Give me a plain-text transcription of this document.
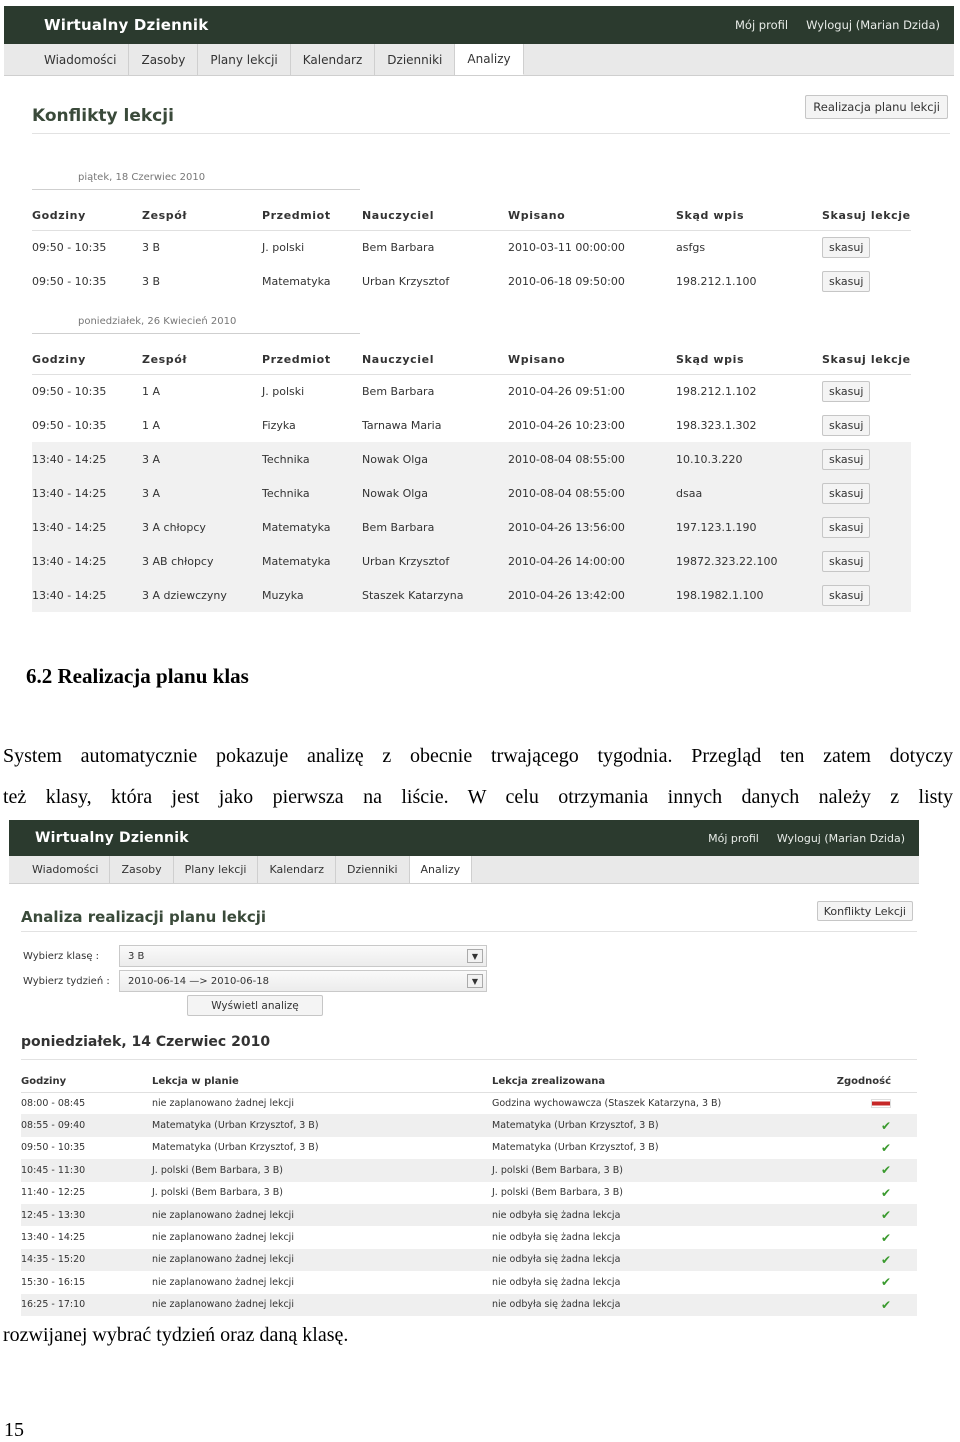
Wirtualny Dziennik	Mój profil Wyloguj (Marian Dzida)
Wiadomości	Zasoby	Plany lekcji	Kalendarz	Dzienniki	Analizy
Konflikty lekcji	Realizacja planu lekcji
piątek, 18 Czerwiec 2010
Godziny	Zespół	Przedmiot	Nauczyciel	Wpisano	Skąd wpis	Skasuj lekcje
09:50 - 10:35	3 B	J. polski	Bem Barbara	2010-03-11 00:00:00	asfgs	skasuj
09:50 - 10:35	3 B	Matematyka	Urban Krzysztof	2010-06-18 09:50:00	198.212.1.100	skasuj
poniedziałek, 26 Kwiecień 2010
Godziny	Zespół	Przedmiot	Nauczyciel	Wpisano	Skąd wpis	Skasuj lekcje
09:50 - 10:35	1 A	J. polski	Bem Barbara	2010-04-26 09:51:00	198.212.1.102	skasuj
09:50 - 10:35	1 A	Fizyka	Tarnawa Maria	2010-04-26 10:23:00	198.323.1.302	skasuj
13:40 - 14:25	3 A	Technika	Nowak Olga	2010-08-04 08:55:00	10.10.3.220	skasuj
13:40 - 14:25	3 A	Technika	Nowak Olga	2010-08-04 08:55:00	dsaa	skasuj
13:40 - 14:25	3 A chłopcy	Matematyka	Bem Barbara	2010-04-26 13:56:00	197.123.1.190	skasuj
13:40 - 14:25	3 AB chłopcy	Matematyka	Urban Krzysztof	2010-04-26 14:00:00	19872.323.22.100	skasuj
13:40 - 14:25	3 A dziewczyny	Muzyka	Staszek Katarzyna	2010-04-26 13:42:00	198.1982.1.100	skasuj
6.2 Realizacja planu klas
System automatycznie pokazuje analizę z obecnie trwającego tygodnia. Przegląd ten zatem dotyczy
też klasy, która jest jako pierwsza na liście. W celu otrzymania innych danych należy z listy
Wirtualny Dziennik	Mój profil Wyloguj (Marian Dzida)
Wiadomości	Zasoby	Plany lekcji	Kalendarz	Dzienniki	Analizy
Analiza realizacji planu lekcji	Konflikty Lekcji
Wybierz klasę :	3 B	▼
Wybierz tydzień :	2010-06-14 —> 2010-06-18	▼
Wyświetl analizę
poniedziałek, 14 Czerwiec 2010
Godziny	Lekcja w planie	Lekcja zrealizowana	Zgodność
08:00 - 08:45	nie zaplanowano żadnej lekcji	Godzina wychowawcza (Staszek Katarzyna, 3 B)	
08:55 - 09:40	Matematyka (Urban Krzysztof, 3 B)	Matematyka (Urban Krzysztof, 3 B)	✔
09:50 - 10:35	Matematyka (Urban Krzysztof, 3 B)	Matematyka (Urban Krzysztof, 3 B)	✔
10:45 - 11:30	J. polski (Bem Barbara, 3 B)	J. polski (Bem Barbara, 3 B)	✔
11:40 - 12:25	J. polski (Bem Barbara, 3 B)	J. polski (Bem Barbara, 3 B)	✔
12:45 - 13:30	nie zaplanowano żadnej lekcji	nie odbyła się żadna lekcja	✔
13:40 - 14:25	nie zaplanowano żadnej lekcji	nie odbyła się żadna lekcja	✔
14:35 - 15:20	nie zaplanowano żadnej lekcji	nie odbyła się żadna lekcja	✔
15:30 - 16:15	nie zaplanowano żadnej lekcji	nie odbyła się żadna lekcja	✔
16:25 - 17:10	nie zaplanowano żadnej lekcji	nie odbyła się żadna lekcja	✔
rozwijanej wybrać tydzień oraz daną klasę.
15
